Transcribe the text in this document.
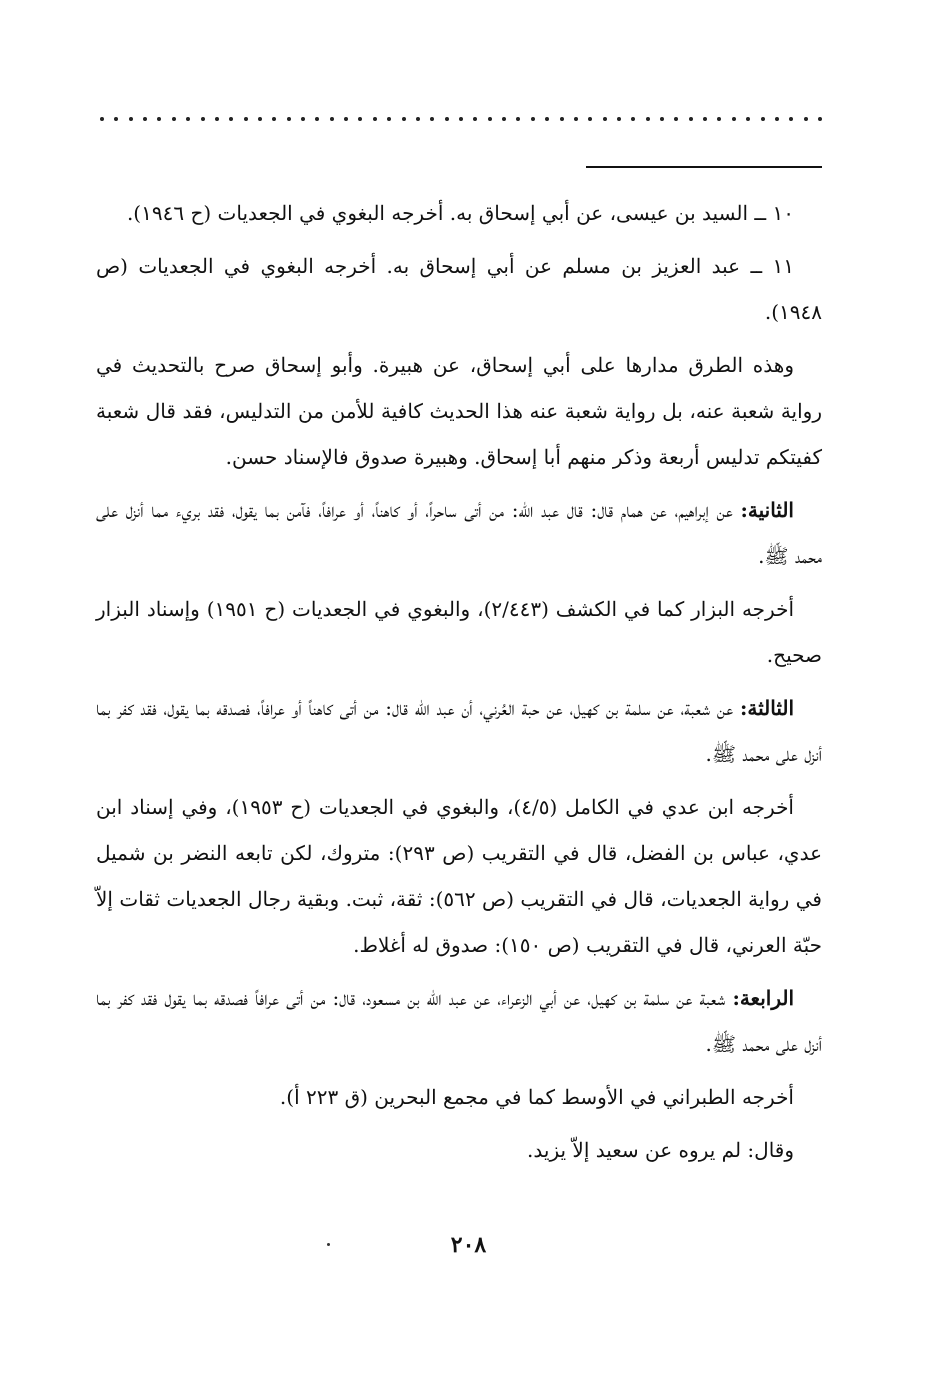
١٠ ــ السيد بن عيسى، عن أبي إسحاق به. أخرجه البغوي في الجعديات (ح ١٩٤٦).

١١ ــ عبد العزيز بن مسلم عن أبي إسحاق به. أخرجه البغوي في الجعديات (ص ١٩٤٨).

وهذه الطرق مدارها على أبي إسحاق، عن هبيرة. وأبو إسحاق صرح بالتحديث في رواية شعبة عنه، بل رواية شعبة عنه هذا الحديث كافية للأمن من التدليس، فقد قال شعبة كفيتكم تدليس أربعة وذكر منهم أبا إسحاق. وهبيرة صدوق فالإسناد حسن.

الثانية: عن إبراهيم، عن همام قال: قال عبد الله: من أتى ساحراً، أو كاهناً، أو عرافاً، فآمن بما يقول، فقد بريء مما أنزل على محمد ﷺ.

أخرجه البزار كما في الكشف (٢/٤٤٣)، والبغوي في الجعديات (ح ١٩٥١) وإسناد البزار صحيح.

الثالثة: عن شعبة، عن سلمة بن كهيل، عن حبة العُرني، أن عبد الله قال: من أتى كاهناً أو عرافاً، فصدقه بما يقول، فقد كفر بما أنزل على محمد ﷺ.

أخرجه ابن عدي في الكامل (٤/٥)، والبغوي في الجعديات (ح ١٩٥٣)، وفي إسناد ابن عدي، عباس بن الفضل، قال في التقريب (ص ٢٩٣): متروك، لكن تابعه النضر بن شميل في رواية الجعديات، قال في التقريب (ص ٥٦٢): ثقة، ثبت. وبقية رجال الجعديات ثقات إلاّ حبّة العرني، قال في التقريب (ص ١٥٠): صدوق له أغلاط.

الرابعة: شعبة عن سلمة بن كهيل، عن أبي الزعراء، عن عبد الله بن مسعود، قال: من أتى عرافاً فصدقه بما يقول فقد كفر بما أنزل على محمد ﷺ.

أخرجه الطبراني في الأوسط كما في مجمع البحرين (ق ٢٢٣ أ).

وقال: لم يروه عن سعيد إلاّ يزيد.

٢٠٨
